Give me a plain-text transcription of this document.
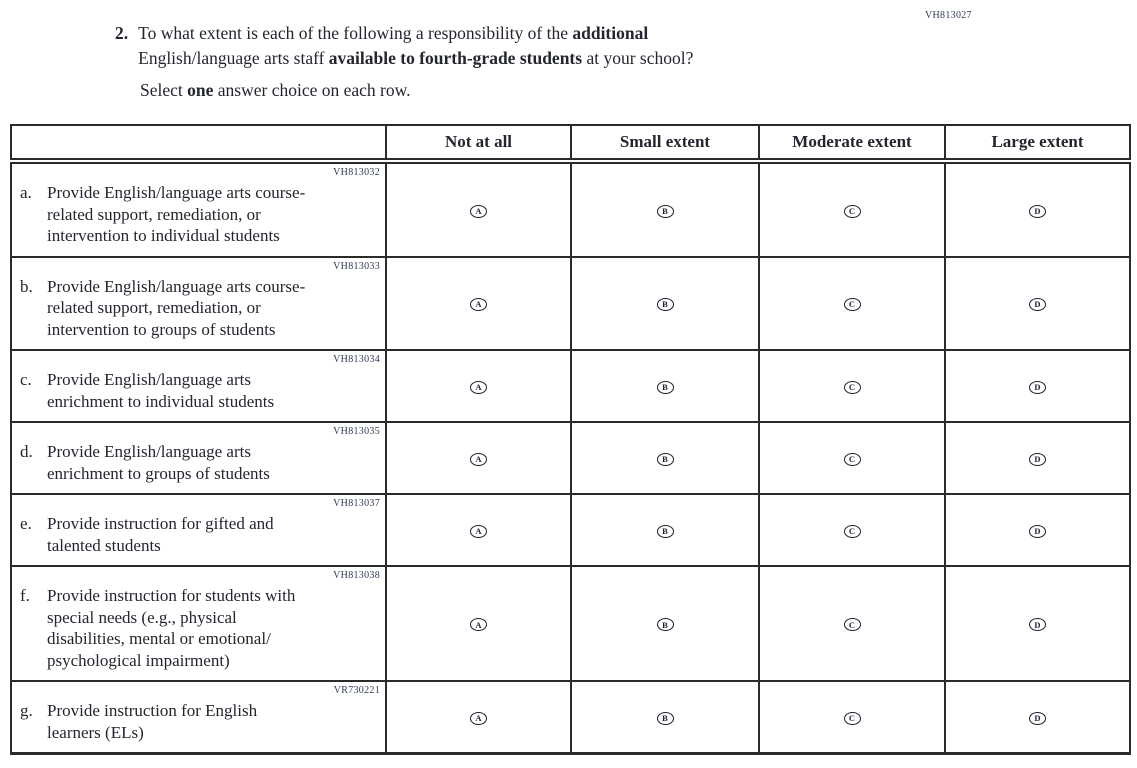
VH813027
2. To what extent is each of the following a responsibility of the additional
English/language arts staff available to fourth-grade students at your school?
Select one answer choice on each row.
	Not at all	Small extent	Moderate extent	Large extent

VH813032
a. Provide English/language arts course-
related support, remediation, or
intervention to individual students	A	B	C	D

VH813033
b. Provide English/language arts course-
related support, remediation, or
intervention to groups of students	A	B	C	D

VH813034
c. Provide English/language arts
enrichment to individual students	A	B	C	D

VH813035
d. Provide English/language arts
enrichment to groups of students	A	B	C	D

VH813037
e. Provide instruction for gifted and
talented students	A	B	C	D

VH813038
f.	Provide instruction for students with
special needs (e.g., physical
disabilities, mental or emotional/
psychological impairment)
	A	B	C	D

VR730221
g. Provide instruction for English
learners (ELs)	A	B	C	D
